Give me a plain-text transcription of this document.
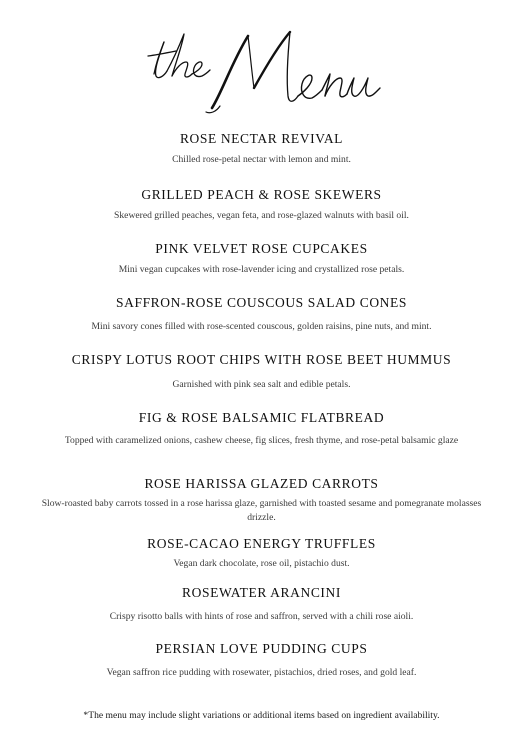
ROSE NECTAR REVIVAL
Chilled rose-petal nectar with lemon and mint.
GRILLED PEACH & ROSE SKEWERS
Skewered grilled peaches, vegan feta, and rose-glazed walnuts with basil oil.
PINK VELVET ROSE CUPCAKES
Mini vegan cupcakes with rose-lavender icing and crystallized rose petals.
SAFFRON-ROSE COUSCOUS SALAD CONES
Mini savory cones filled with rose-scented couscous, golden raisins, pine nuts, and mint.
CRISPY LOTUS ROOT CHIPS WITH ROSE BEET HUMMUS
Garnished with pink sea salt and edible petals.
FIG & ROSE BALSAMIC FLATBREAD
Topped with caramelized onions, cashew cheese, fig slices, fresh thyme, and rose-petal balsamic glaze
ROSE HARISSA GLAZED CARROTS
Slow-roasted baby carrots tossed in a rose harissa glaze, garnished with toasted sesame and pomegranate molasses drizzle.
ROSE-CACAO ENERGY TRUFFLES
Vegan dark chocolate, rose oil, pistachio dust.
ROSEWATER ARANCINI
Crispy risotto balls with hints of rose and saffron, served with a chili rose aioli.
PERSIAN LOVE PUDDING CUPS
Vegan saffron rice pudding with rosewater, pistachios, dried roses, and gold leaf.
*The menu may include slight variations or additional items based on ingredient availability.
